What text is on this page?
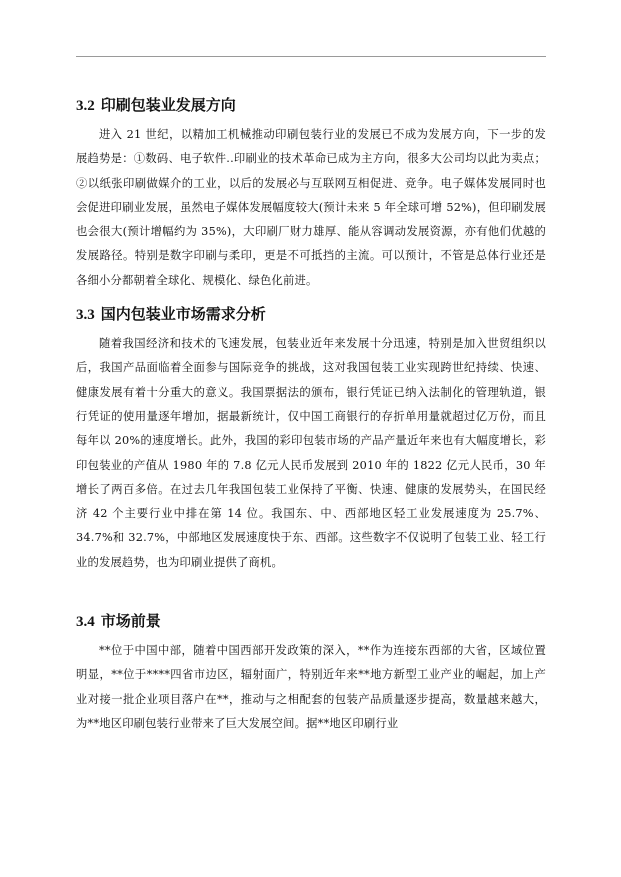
3.2 印刷包装业发展方向

进入 21 世纪，以精加工机械推动印刷包装行业的发展已不成为发展方向，下一步的发展趋势是：①数码、电子软件..印刷业的技术革命已成为主方向，很多大公司均以此为卖点；②以纸张印刷做媒介的工业，以后的发展必与互联网互相促进、竞争。电子媒体发展同时也会促进印刷业发展，虽然电子媒体发展幅度较大(预计未来 5 年全球可增 52%)，但印刷发展也会很大(预计增幅约为 35%)，大印刷厂财力雄厚、能从容调动发展资源，亦有他们优越的发展路径。特别是数字印刷与柔印，更是不可抵挡的主流。可以预计，不管是总体行业还是各细小分都朝着全球化、规模化、绿色化前进。

3.3 国内包装业市场需求分析

随着我国经济和技术的飞速发展，包装业近年来发展十分迅速，特别是加入世贸组织以后，我国产品面临着全面参与国际竞争的挑战，这对我国包装工业实现跨世纪持续、快速、健康发展有着十分重大的意义。我国票据法的颁布，银行凭证已纳入法制化的管理轨道，银行凭证的使用量逐年增加，据最新统计，仅中国工商银行的存折单用量就超过亿万份，而且每年以 20%的速度增长。此外，我国的彩印包装市场的产品产量近年来也有大幅度增长，彩印包装业的产值从 1980 年的 7.8 亿元人民币发展到 2010 年的 1822 亿元人民币，30 年增长了两百多倍。在过去几年我国包装工业保持了平衡、快速、健康的发展势头，在国民经济 42 个主要行业中排在第 14 位。我国东、中、西部地区轻工业发展速度为 25.7%、34.7%和 32.7%，中部地区发展速度快于东、西部。这些数字不仅说明了包装工业、轻工行业的发展趋势，也为印刷业提供了商机。

3.4 市场前景

**位于中国中部，随着中国西部开发政策的深入，**作为连接东西部的大省，区域位置明显，**位于****四省市边区，辐射面广，特别近年来**地方新型工业产业的崛起，加上产业对接一批企业项目落户在**，推动与之相配套的包装产品质量逐步提高，数量越来越大，为**地区印刷包装行业带来了巨大发展空间。据**地区印刷行业
